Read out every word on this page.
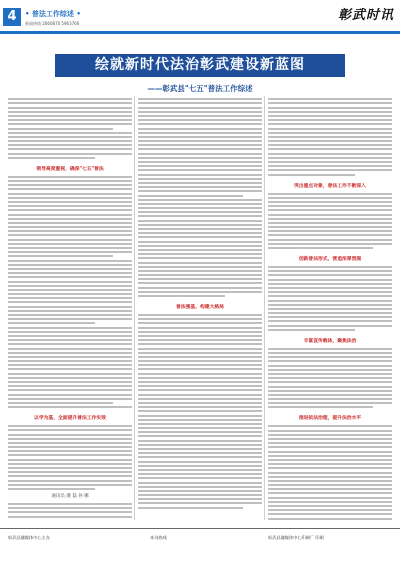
4	• 普法工作综述 •
新闻热线:2660870 5963766
彰武时讯
绘就新时代法治彰武建设新蓝图
——彰武县"七五"普法工作综述
领导高度重视，确保"七五"普法
以学为基，全面提升普法工作实效
通讯员 潘 磊 孙 娜
普法强基，构建大格局
突出重点对象，普法工作不断深入
创新普法形式，营造浓厚氛围
丰富宣传载体，聚焦法治
推进依法治理，提升法治水平
彰武县融媒体中心主办	本刊热线	彰武县融媒体中心印刷厂 印刷
